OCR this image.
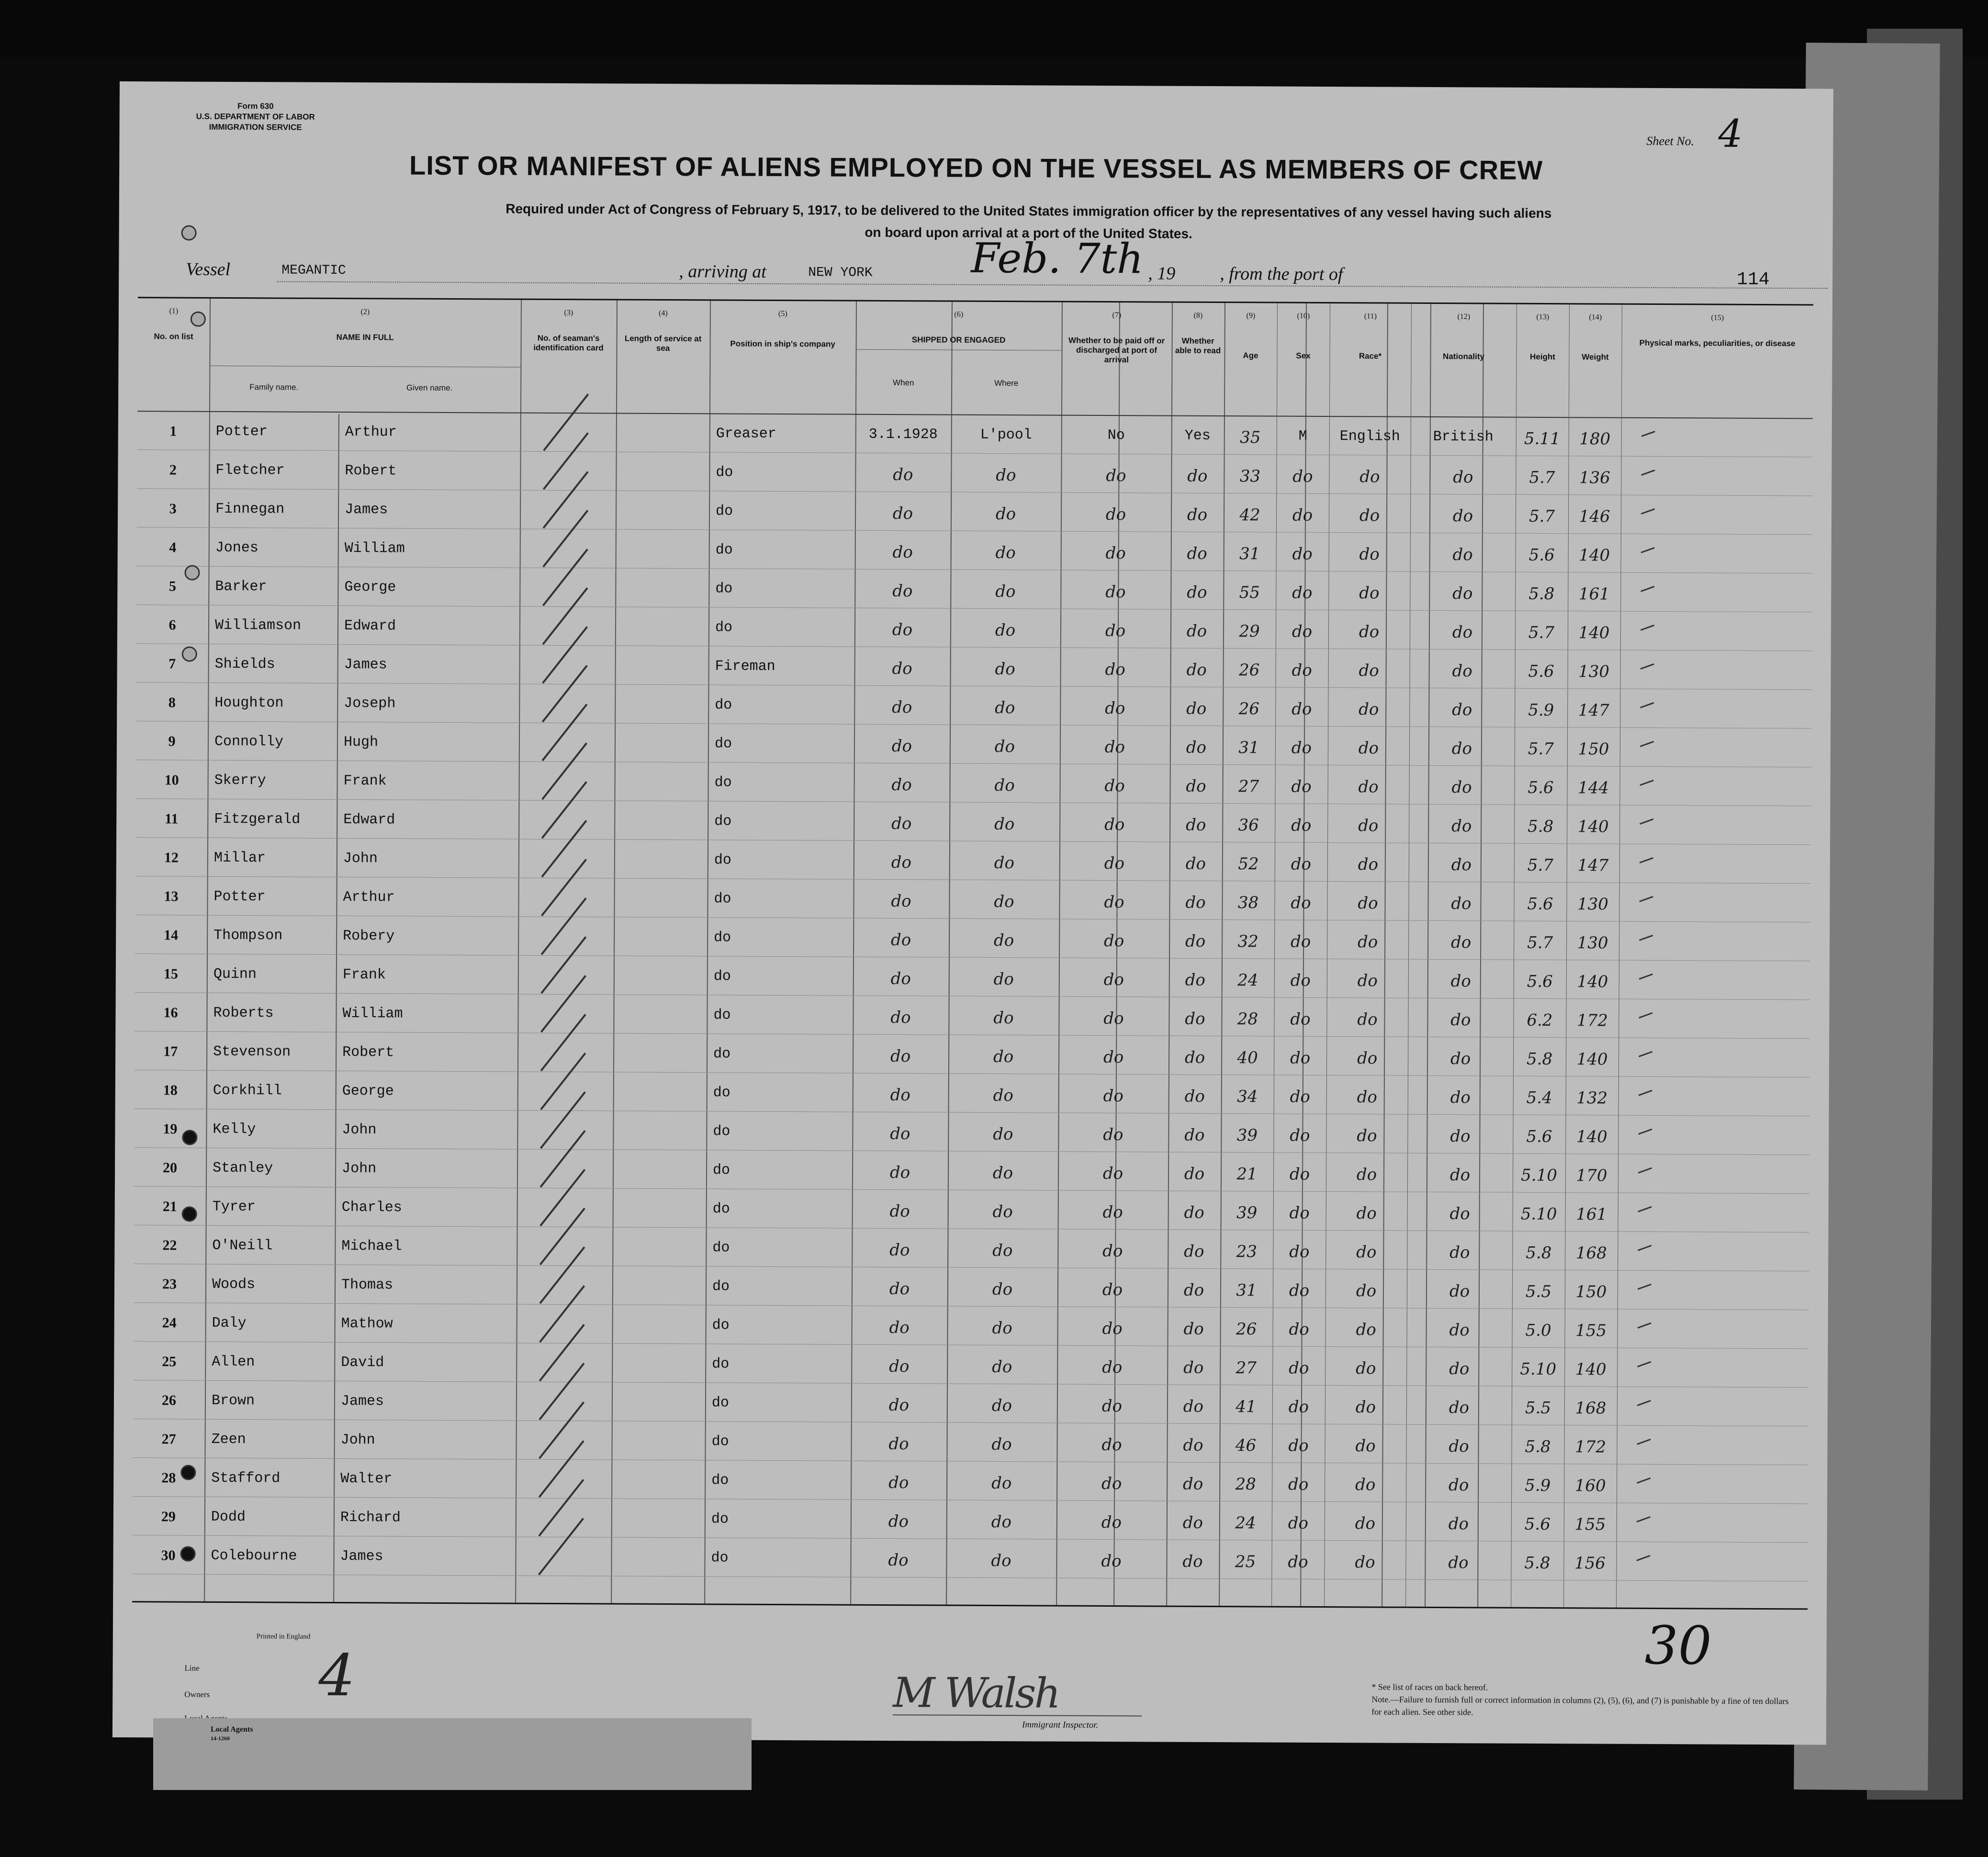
Form 630
U.S. DEPARTMENT OF LABOR
IMMIGRATION SERVICE
Sheet No. 4
LIST OR MANIFEST OF ALIENS EMPLOYED ON THE VESSEL AS MEMBERS OF CREW
Required under Act of Congress of February 5, 1917, to be delivered to the United States immigration officer by the representatives of any vessel having such aliens
on board upon arrival at a port of the United States.
Vessel	MEGANTIC	, arriving at	NEW YORK Feb. 7th , 19 , from the port of	114
(1)	(2)	(3)	(4)	(5)	(6)	(7)	(8)	(9)	(10)	(11)	(12)	(13)	(14)	(15)
No. on list	NAME IN FULL
Family name.	Given name.
No. of seaman's identification card
Length of service at sea	Position in ship's company	SHIPPED OR ENGAGED
When	Where
Whether to be paid off or discharged at port of arrival
Whether able to read
Age	Sex	Race*	Nationality	Height	Weight
Physical marks, peculiarities, or disease
1	Potter	Arthur	Greaser	3.1.1928	L'pool	No	Yes	35	M	English	British	5.11 180
2	Fletcher	Robert	do	do	do	do	do	33	do	do	do	5.7	136
3	Finnegan	James	do	do	do	do	do	42	do	do	do	5.7	146
4	Jones	William	do	do	do	do	do	31	do	do	do	5.6	140
5	Barker	George	do	do	do	do	do	55	do	do	do	5.8	161
6	Williamson	Edward	do	do	do	do	do	29	do	do	do	5.7	140
7	Shields	James	Fireman	do	do	do	do	26	do	do	do	5.6	130
8	Houghton	Joseph	do	do	do	do	do	26	do	do	do	5.9	147
9	Connolly	Hugh	do	do	do	do	do	31	do	do	do	5.7	150
10	Skerry	Frank	do	do	do	do	do	27	do	do	do	5.6	144
11	Fitzgerald	Edward	do	do	do	do	do	36	do	do	do	5.8	140
12	Millar	John	do	do	do	do	do	52	do	do	do	5.7	147
13	Potter	Arthur	do	do	do	do	do	38	do	do	do	5.6	130
14	Thompson	Robery	do	do	do	do	do	32	do	do	do	5.7	130
15	Quinn	Frank	do	do	do	do	do	24	do	do	do	5.6	140
16	Roberts	William	do	do	do	do	do	28	do	do	do	6.2	172
17	Stevenson	Robert	do	do	do	do	do	40	do	do	do	5.8	140
18	Corkhill	George	do	do	do	do	do	34	do	do	do	5.4	132
19	Kelly	John	do	do	do	do	do	39	do	do	do	5.6	140
20	Stanley	John	do	do	do	do	do	21	do	do	do	5.10 170
21	Tyrer	Charles	do	do	do	do	do	39	do	do	do	5.10 161
22	O'Neill	Michael	do	do	do	do	do	23	do	do	do	5.8	168
23	Woods	Thomas	do	do	do	do	do	31	do	do	do	5.5	150
24	Daly	Mathow	do	do	do	do	do	26	do	do	do	5.0	155
25	Allen	David	do	do	do	do	do	27	do	do	do	5.10 140
26	Brown	James	do	do	do	do	do	41	do	do	do	5.5	168
27	Zeen	John	do	do	do	do	do	46	do	do	do	5.8	172
28	Stafford	Walter	do	do	do	do	do	28	do	do	do	5.9	160
29	Dodd	Richard	do	do	do	do	do	24	do	do	do	5.6	155
30	Colebourne	James	do	do	do	do	do	25	do	do	do	5.8	156
Printed in England
Line
Owners 4	M Walsh
Immigrant Inspector.
* See list of races on back hereof.
Note.—Failure to furnish full or correct information in columns (2), (5), (6), and (7) is punishable by a fine of ten dollars for each alien. See other side.
30
Local Agents
14-1260
